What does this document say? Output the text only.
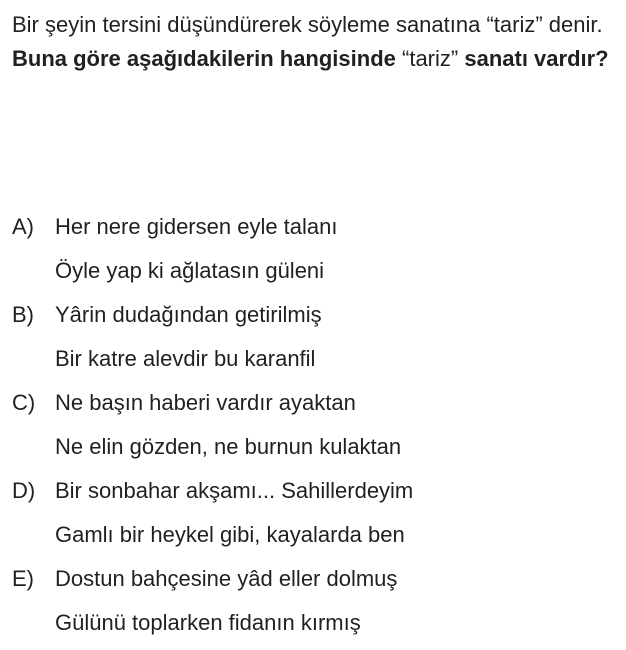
Bir şeyin tersini düşündürerek söyleme sanatına “tariz” denir.

Buna göre aşağıdakilerin hangisinde “tariz” sanatı vardır?

A) Her nere gidersen eyle talanı
Öyle yap ki ağlatasın güleni
B) Yârin dudağından getirilmiş
Bir katre alevdir bu karanfil
C) Ne başın haberi vardır ayaktan
Ne elin gözden, ne burnun kulaktan
D) Bir sonbahar akşamı... Sahillerdeyim
Gamlı bir heykel gibi, kayalarda ben
E) Dostun bahçesine yâd eller dolmuş
Gülünü toplarken fidanın kırmış
